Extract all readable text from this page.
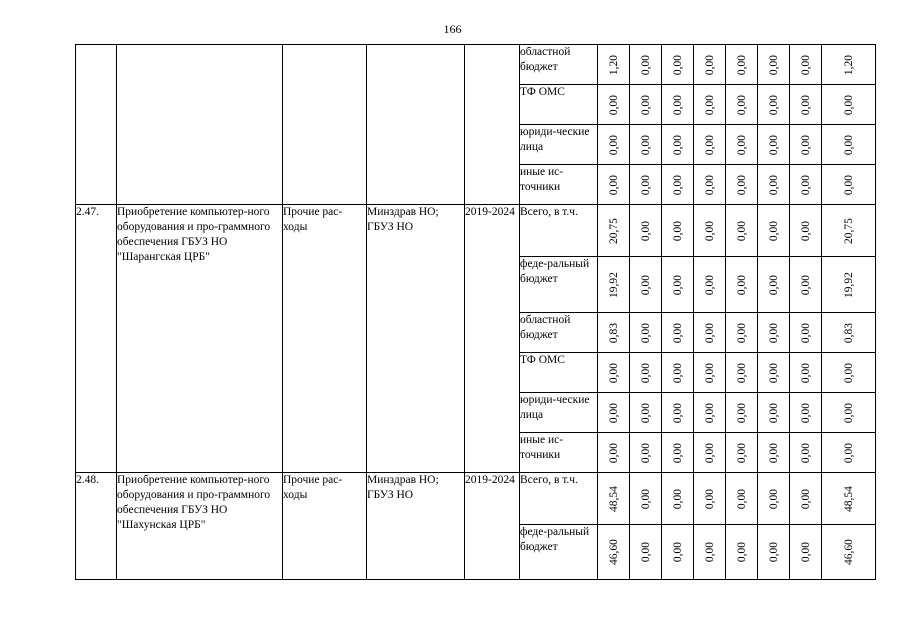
166
					областной бюджет	1,20	0,00	0,00	0,00	0,00	0,00	0,00	1,20

					ТФ ОМС	0,00	0,00	0,00	0,00	0,00	0,00	0,00	0,00

					юриди-ческие лица	0,00	0,00	0,00	0,00	0,00	0,00	0,00	0,00

					иные ис-точники	0,00	0,00	0,00	0,00	0,00	0,00	0,00	0,00

2.47.	Приобретение компьютер-ного оборудования и про-граммного обеспечения ГБУЗ НО "Шарангская ЦРБ"	Прочие рас-ходы	Минздрав НО; ГБУЗ НО	2019-2024	Всего, в т.ч.	20,75	0,00	0,00	0,00	0,00	0,00	0,00	20,75

					феде-ральный бюджет	19,92	0,00	0,00	0,00	0,00	0,00	0,00	19,92

					областной бюджет	0,83	0,00	0,00	0,00	0,00	0,00	0,00	0,83

					ТФ ОМС	0,00	0,00	0,00	0,00	0,00	0,00	0,00	0,00

					юриди-ческие лица	0,00	0,00	0,00	0,00	0,00	0,00	0,00	0,00

					иные ис-точники	0,00	0,00	0,00	0,00	0,00	0,00	0,00	0,00

2.48.	Приобретение компьютер-ного оборудования и про-граммного обеспечения ГБУЗ НО "Шахунская ЦРБ"	Прочие рас-ходы	Минздрав НО; ГБУЗ НО	2019-2024	Всего, в т.ч.	48,54	0,00	0,00	0,00	0,00	0,00	0,00	48,54

					феде-ральный бюджет	46,60	0,00	0,00	0,00	0,00	0,00	0,00	46,60
